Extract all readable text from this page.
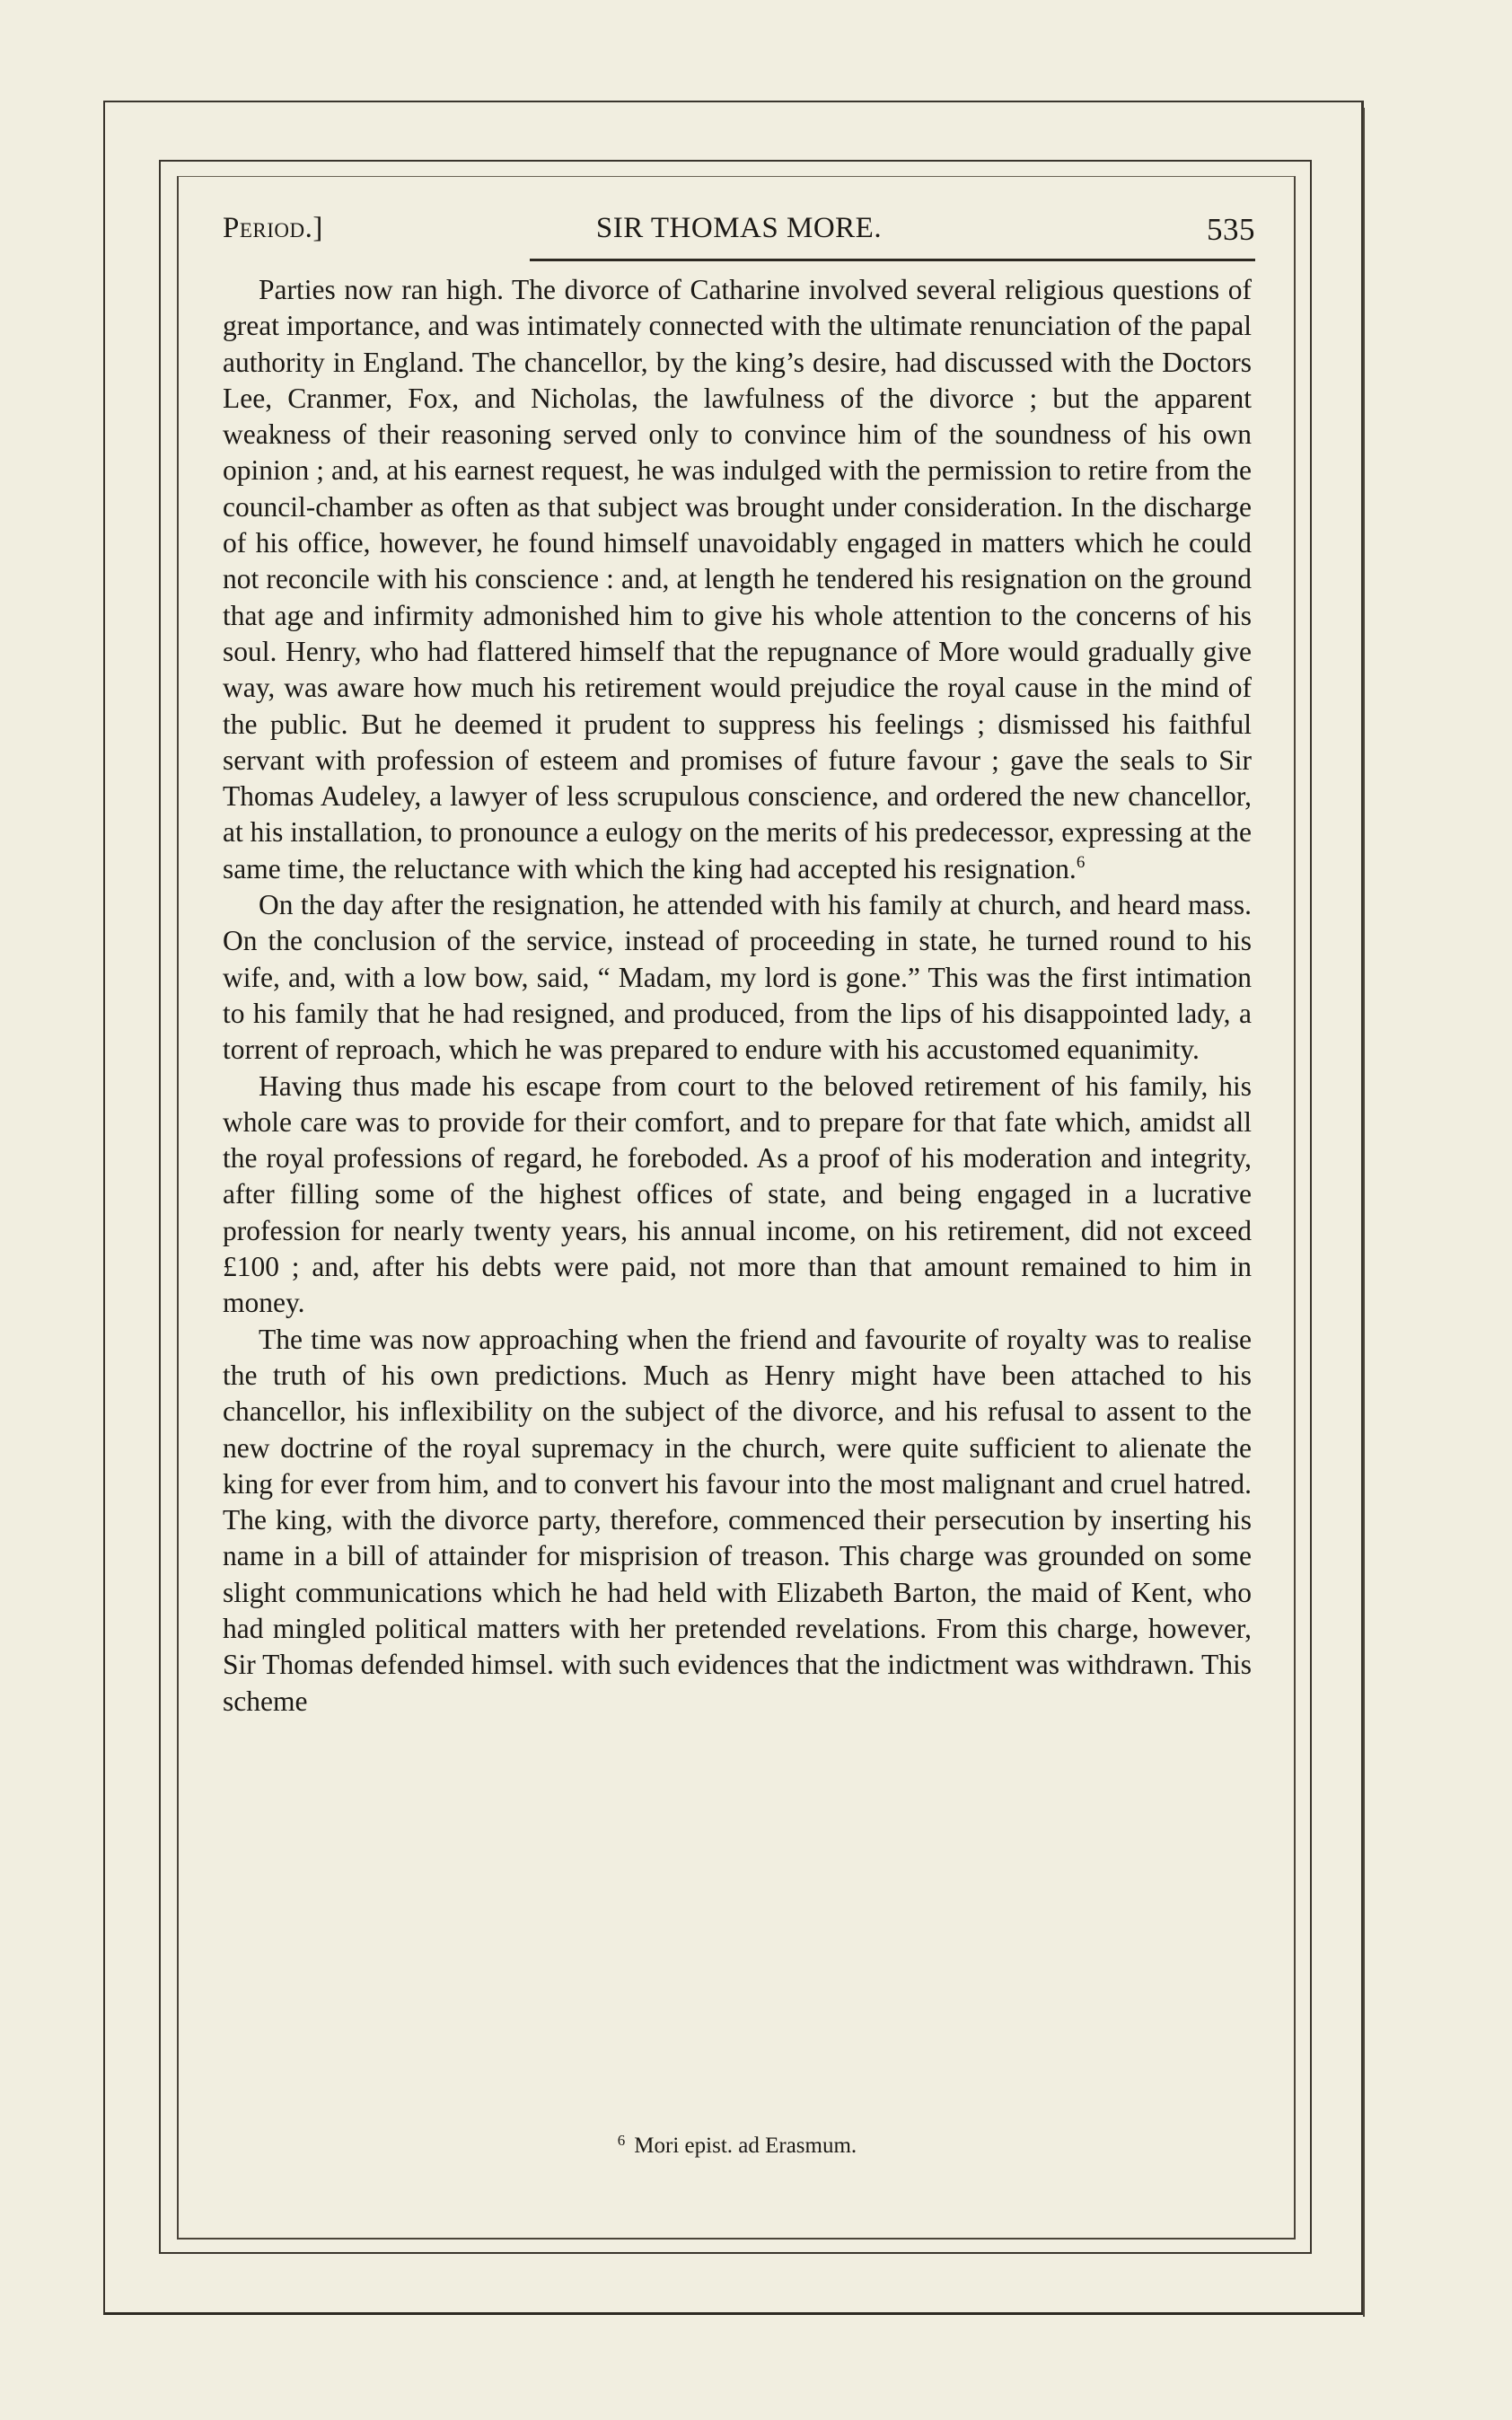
Period.]	SIR THOMAS MORE.	535

Parties now ran high. The divorce of Catharine involved several religious questions of great importance, and was intimately connected with the ultimate renunciation of the papal authority in England. The chancellor, by the king’s desire, had discussed with the Doctors Lee, Cranmer, Fox, and Nicholas, the lawfulness of the divorce ; but the apparent weakness of their reasoning served only to convince him of the soundness of his own opinion ; and, at his earnest request, he was indulged with the permission to retire from the council-chamber as often as that subject was brought under consideration. In the discharge of his office, however, he found himself unavoidably engaged in matters which he could not reconcile with his conscience : and, at length he tendered his resignation on the ground that age and infirmity admonished him to give his whole attention to the concerns of his soul. Henry, who had flattered himself that the repugnance of More would gradually give way, was aware how much his retirement would prejudice the royal cause in the mind of the public. But he deemed it prudent to suppress his feelings ; dismissed his faithful servant with profession of esteem and promises of future favour ; gave the seals to Sir Thomas Audeley, a lawyer of less scrupulous conscience, and ordered the new chancellor, at his installation, to pronounce a eulogy on the merits of his predecessor, expressing at the same time, the reluctance with which the king had accepted his resignation.$^6$

On the day after the resignation, he attended with his family at church, and heard mass. On the conclusion of the service, instead of proceeding in state, he turned round to his wife, and, with a low bow, said, “ Madam, my lord is gone.” This was the first intimation to his family that he had resigned, and produced, from the lips of his disappointed lady, a torrent of reproach, which he was prepared to endure with his accustomed equanimity.

Having thus made his escape from court to the beloved retirement of his family, his whole care was to provide for their comfort, and to prepare for that fate which, amidst all the royal professions of regard, he foreboded. As a proof of his moderation and integrity, after filling some of the highest offices of state, and being engaged in a lucrative profession for nearly twenty years, his annual income, on his retirement, did not exceed £100 ; and, after his debts were paid, not more than that amount remained to him in money.

The time was now approaching when the friend and favourite of royalty was to realise the truth of his own predictions. Much as Henry might have been attached to his chancellor, his inflexibility on the subject of the divorce, and his refusal to assent to the new doctrine of the royal supremacy in the church, were quite sufficient to alienate the king for ever from him, and to convert his favour into the most malignant and cruel hatred. The king, with the divorce party, therefore, commenced their persecution by inserting his name in a bill of attainder for misprision of treason. This charge was grounded on some slight communications which he had held with Elizabeth Barton, the maid of Kent, who had mingled political matters with her pretended revelations. From this charge, however, Sir Thomas defended himsel. with such evidences that the indictment was withdrawn. This scheme

$^6$ Mori epist. ad Erasmum.
